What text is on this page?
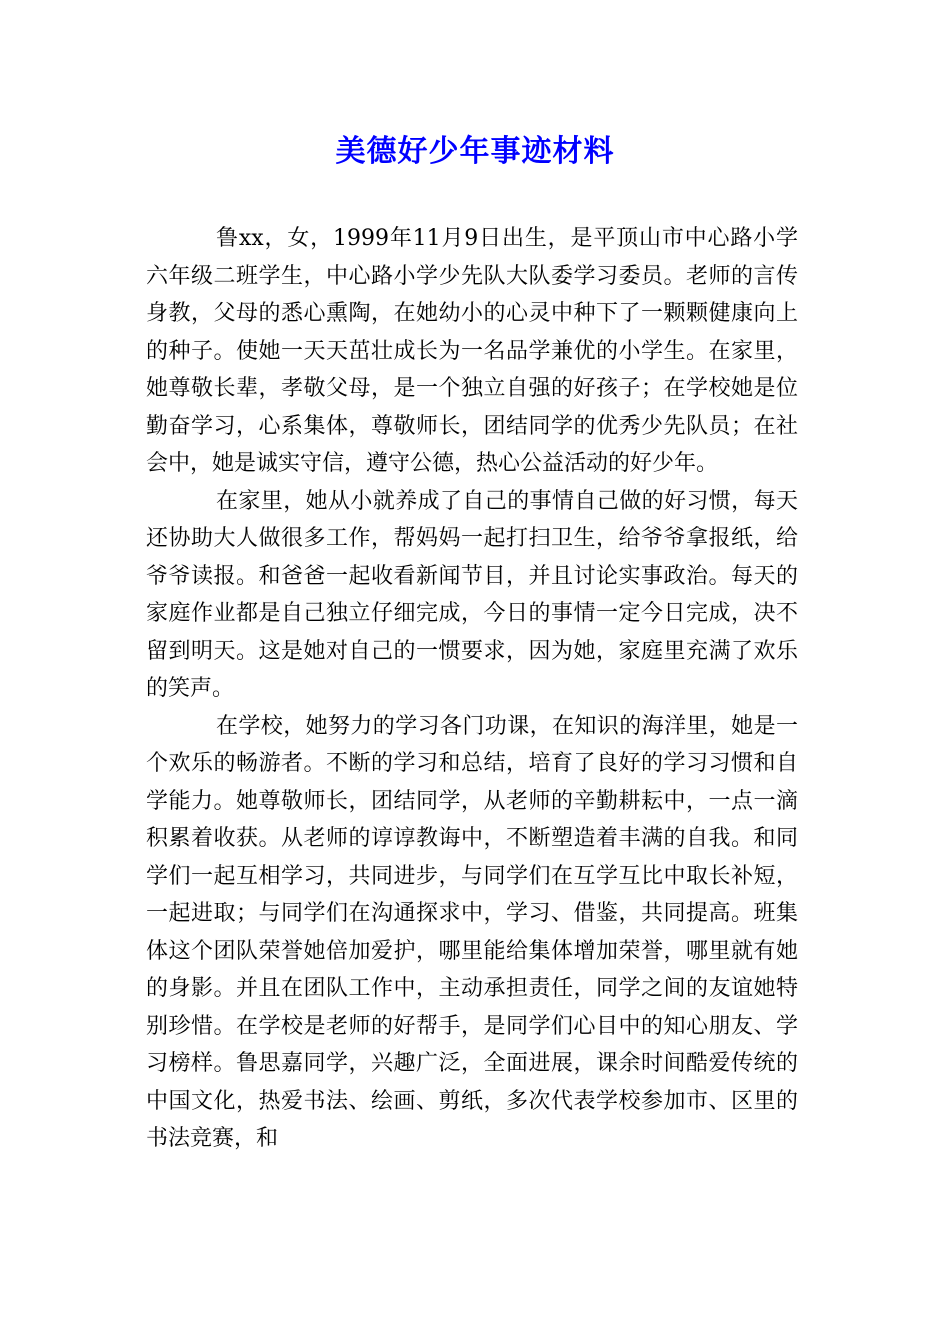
美德好少年事迹材料

鲁xx，女，1999年11月9日出生，是平顶山市中心路小学六年级二班学生，中心路小学少先队大队委学习委员。老师的言传身教，父母的悉心熏陶，在她幼小的心灵中种下了一颗颗健康向上的种子。使她一天天茁壮成长为一名品学兼优的小学生。在家里，她尊敬长辈，孝敬父母，是一个独立自强的好孩子；在学校她是位勤奋学习，心系集体，尊敬师长，团结同学的优秀少先队员；在社会中，她是诚实守信，遵守公德，热心公益活动的好少年。

在家里，她从小就养成了自己的事情自己做的好习惯，每天还协助大人做很多工作，帮妈妈一起打扫卫生，给爷爷拿报纸，给爷爷读报。和爸爸一起收看新闻节目，并且讨论实事政治。每天的家庭作业都是自己独立仔细完成，今日的事情一定今日完成，决不留到明天。这是她对自己的一惯要求，因为她，家庭里充满了欢乐的笑声。

在学校，她努力的学习各门功课，在知识的海洋里，她是一个欢乐的畅游者。不断的学习和总结，培育了良好的学习习惯和自学能力。她尊敬师长，团结同学，从老师的辛勤耕耘中，一点一滴积累着收获。从老师的谆谆教诲中，不断塑造着丰满的自我。和同学们一起互相学习，共同进步，与同学们在互学互比中取长补短，一起进取；与同学们在沟通探求中，学习、借鉴，共同提高。班集体这个团队荣誉她倍加爱护，哪里能给集体增加荣誉，哪里就有她的身影。并且在团队工作中，主动承担责任，同学之间的友谊她特别珍惜。在学校是老师的好帮手，是同学们心目中的知心朋友、学习榜样。鲁思嘉同学，兴趣广泛，全面进展，课余时间酷爱传统的中国文化，热爱书法、绘画、剪纸，多次代表学校参加市、区里的书法竞赛，和
